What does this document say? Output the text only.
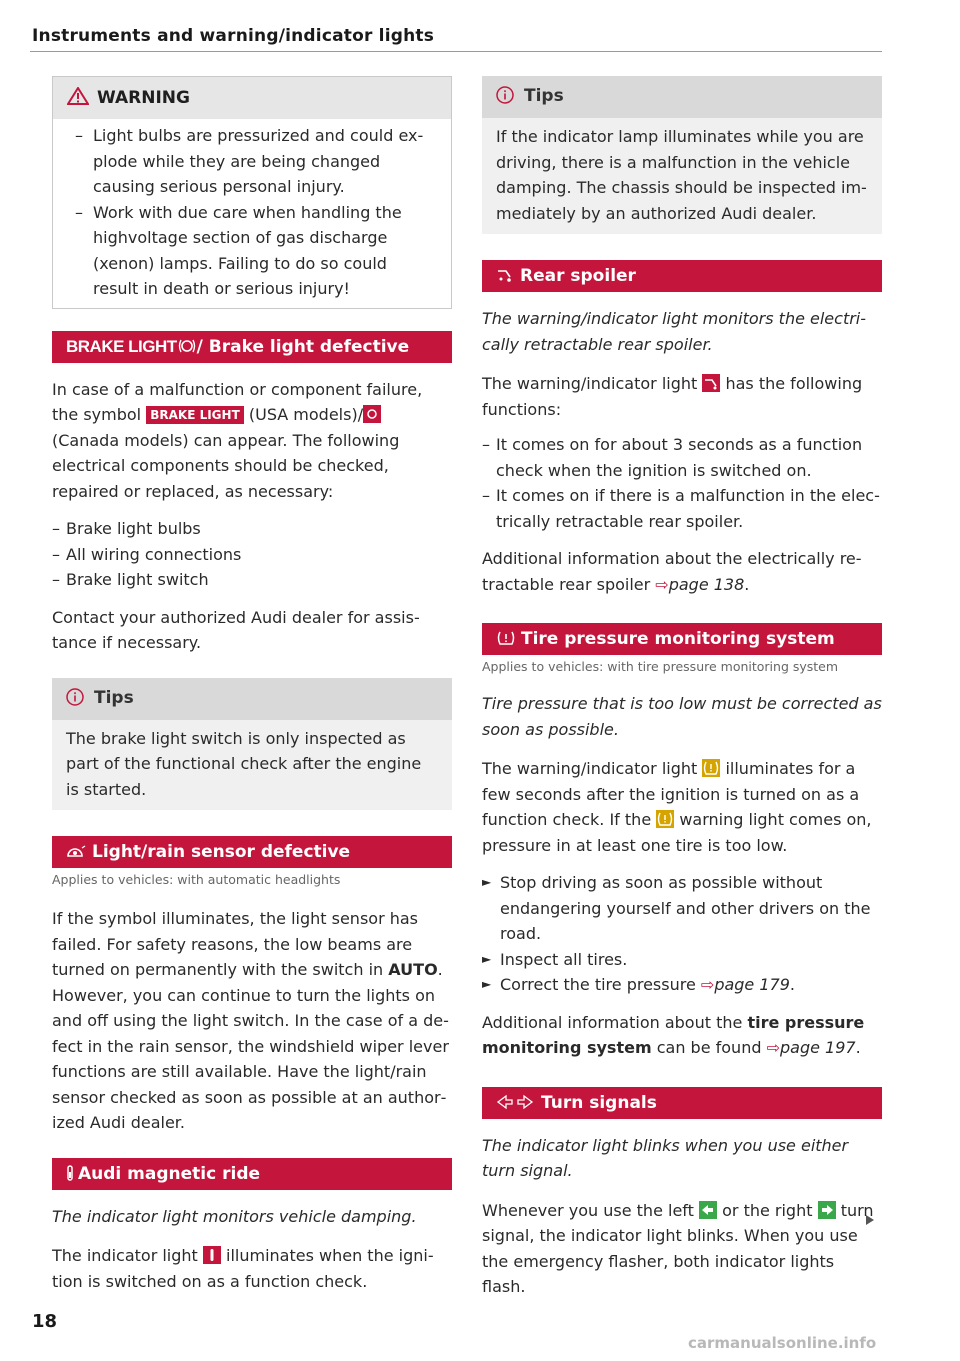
Instruments and warning/indicator lights
WARNING

– Light bulbs are pressurized and could explode while they are being changed causing serious personal injury.

– Work with due care when handling the highvoltage section of gas discharge (xenon) lamps. Failing to do so could result in death or serious injury!

BRAKE LIGHT / Brake light defective

In case of a malfunction or component failure, the symbol BRAKE LIGHT (USA models)/ (Canada models) can appear. The following electrical components should be checked, repaired or replaced, as necessary:

– Brake light bulbs

– All wiring connections

– Brake light switch

Contact your authorized Audi dealer for assistance if necessary.

Tips

The brake light switch is only inspected as part of the functional check after the engine is started.

Light/rain sensor defective

Applies to vehicles: with automatic headlights

If the symbol illuminates, the light sensor has failed. For safety reasons, the low beams are turned on permanently with the switch in AUTO. However, you can continue to turn the lights on and off using the light switch. In the case of a defect in the rain sensor, the windshield wiper lever functions are still available. Have the light/rain sensor checked as soon as possible at an authorized Audi dealer.

Audi magnetic ride

The indicator light monitors vehicle damping.

The indicator light illuminates when the ignition is switched on as a function check.

Tips

If the indicator lamp illuminates while you are driving, there is a malfunction in the vehicle damping. The chassis should be inspected immediately by an authorized Audi dealer.

Rear spoiler

The warning/indicator light monitors the electrically retractable rear spoiler.

The warning/indicator light has the following functions:

– It comes on for about 3 seconds as a function check when the ignition is switched on.

– It comes on if there is a malfunction in the electrically retractable rear spoiler.

Additional information about the electrically retractable rear spoiler ⇨page 138.

Tire pressure monitoring system

Applies to vehicles: with tire pressure monitoring system

Tire pressure that is too low must be corrected as soon as possible.

The warning/indicator light illuminates for a few seconds after the ignition is turned on as a function check. If the warning light comes on, pressure in at least one tire is too low.

► Stop driving as soon as possible without endangering yourself and other drivers on the road.

► Inspect all tires.

► Correct the tire pressure ⇨page 179.

Additional information about the tire pressure monitoring system can be found ⇨page 197.

Turn signals

The indicator light blinks when you use either turn signal.

Whenever you use the left or the right turn signal, the indicator light blinks. When you use the emergency flasher, both indicator lights flash.

18
carmanualsonline.info
